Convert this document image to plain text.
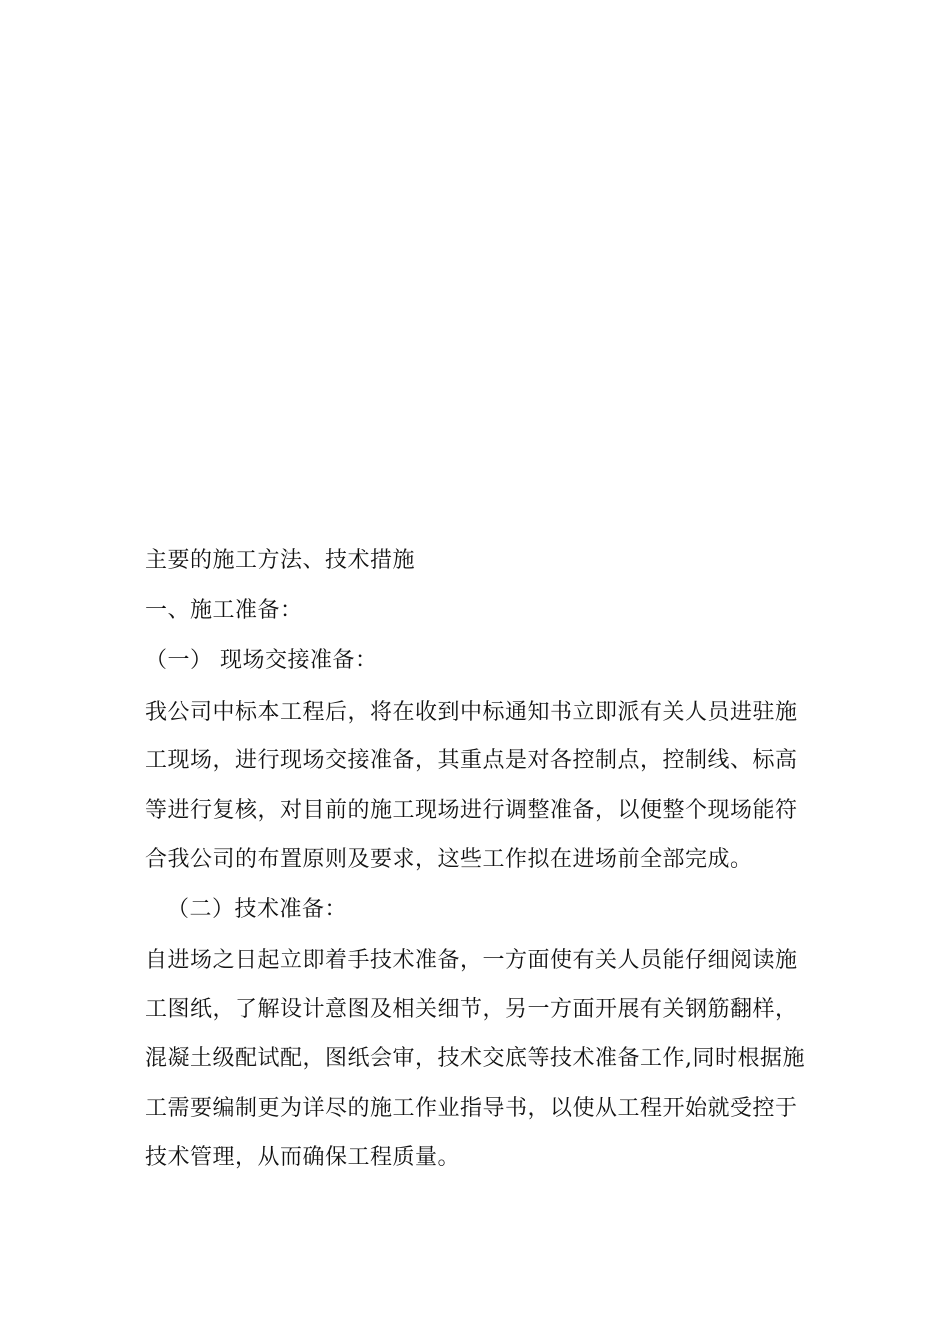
主要的施工方法、技术措施
一、施工准备：
（一） 现场交接准备：
我公司中标本工程后，将在收到中标通知书立即派有关人员进驻施
工现场，进行现场交接准备，其重点是对各控制点，控制线、标高
等进行复核，对目前的施工现场进行调整准备，以便整个现场能符
合我公司的布置原则及要求，这些工作拟在进场前全部完成。
（二）技术准备：
自进场之日起立即着手技术准备，一方面使有关人员能仔细阅读施
工图纸，了解设计意图及相关细节，另一方面开展有关钢筋翻样，
混凝土级配试配，图纸会审，技术交底等技术准备工作,同时根据施
工需要编制更为详尽的施工作业指导书，以使从工程开始就受控于
技术管理，从而确保工程质量。
